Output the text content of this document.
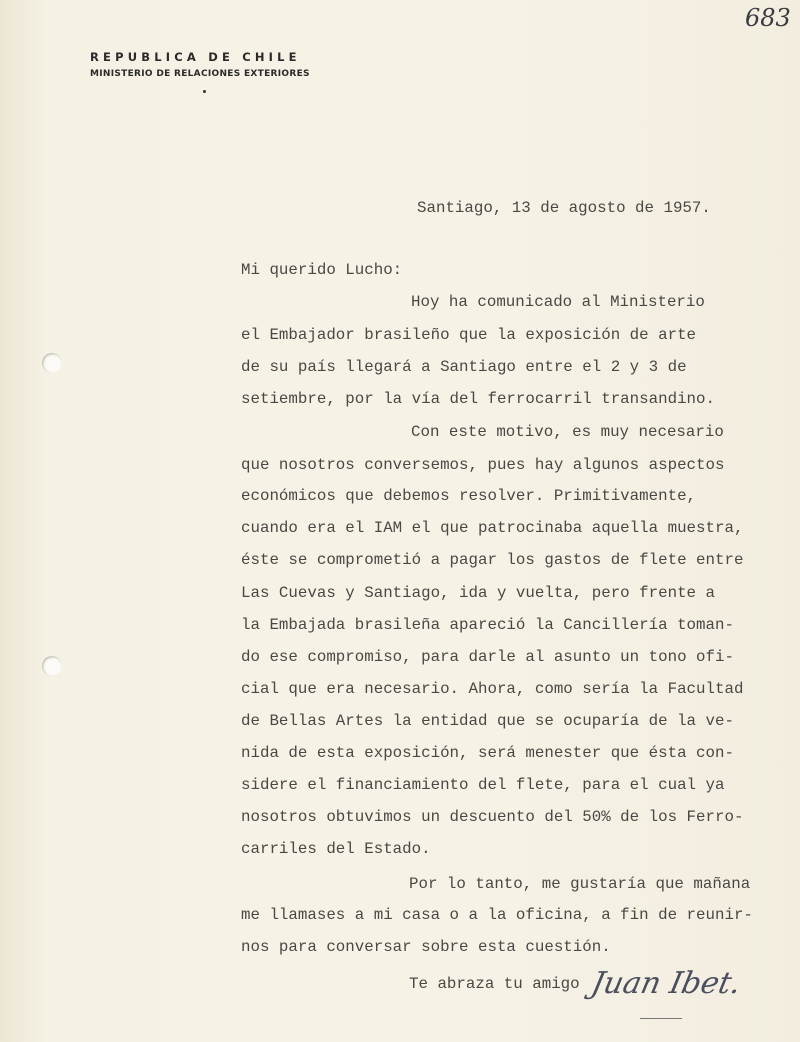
REPUBLICA DE CHILE
MINISTERIO DE RELACIONES EXTERIORES
683
Santiago, 13 de agosto de 1957.
Mi querido Lucho:
Hoy ha comunicado al Ministerio
el Embajador brasileño que la exposición de arte
de su país llegará a Santiago entre el 2 y 3 de
setiembre, por la vía del ferrocarril transandino.
Con este motivo, es muy necesario
que nosotros conversemos, pues hay algunos aspectos
económicos que debemos resolver. Primitivamente,
cuando era el IAM el que patrocinaba aquella muestra,
éste se comprometió a pagar los gastos de flete entre
Las Cuevas y Santiago, ida y vuelta, pero frente a
la Embajada brasileña apareció la Cancillería toman-
do ese compromiso, para darle al asunto un tono ofi-
cial que era necesario. Ahora, como sería la Facultad
de Bellas Artes la entidad que se ocuparía de la ve-
nida de esta exposición, será menester que ésta con-
sidere el financiamiento del flete, para el cual ya
nosotros obtuvimos un descuento del 50% de los Ferro-
carriles del Estado.
Por lo tanto, me gustaría que mañana
me llamases a mi casa o a la oficina, a fin de reunir-
nos para conversar sobre esta cuestión.
Te abraza tu amigo Juan Ibet.
